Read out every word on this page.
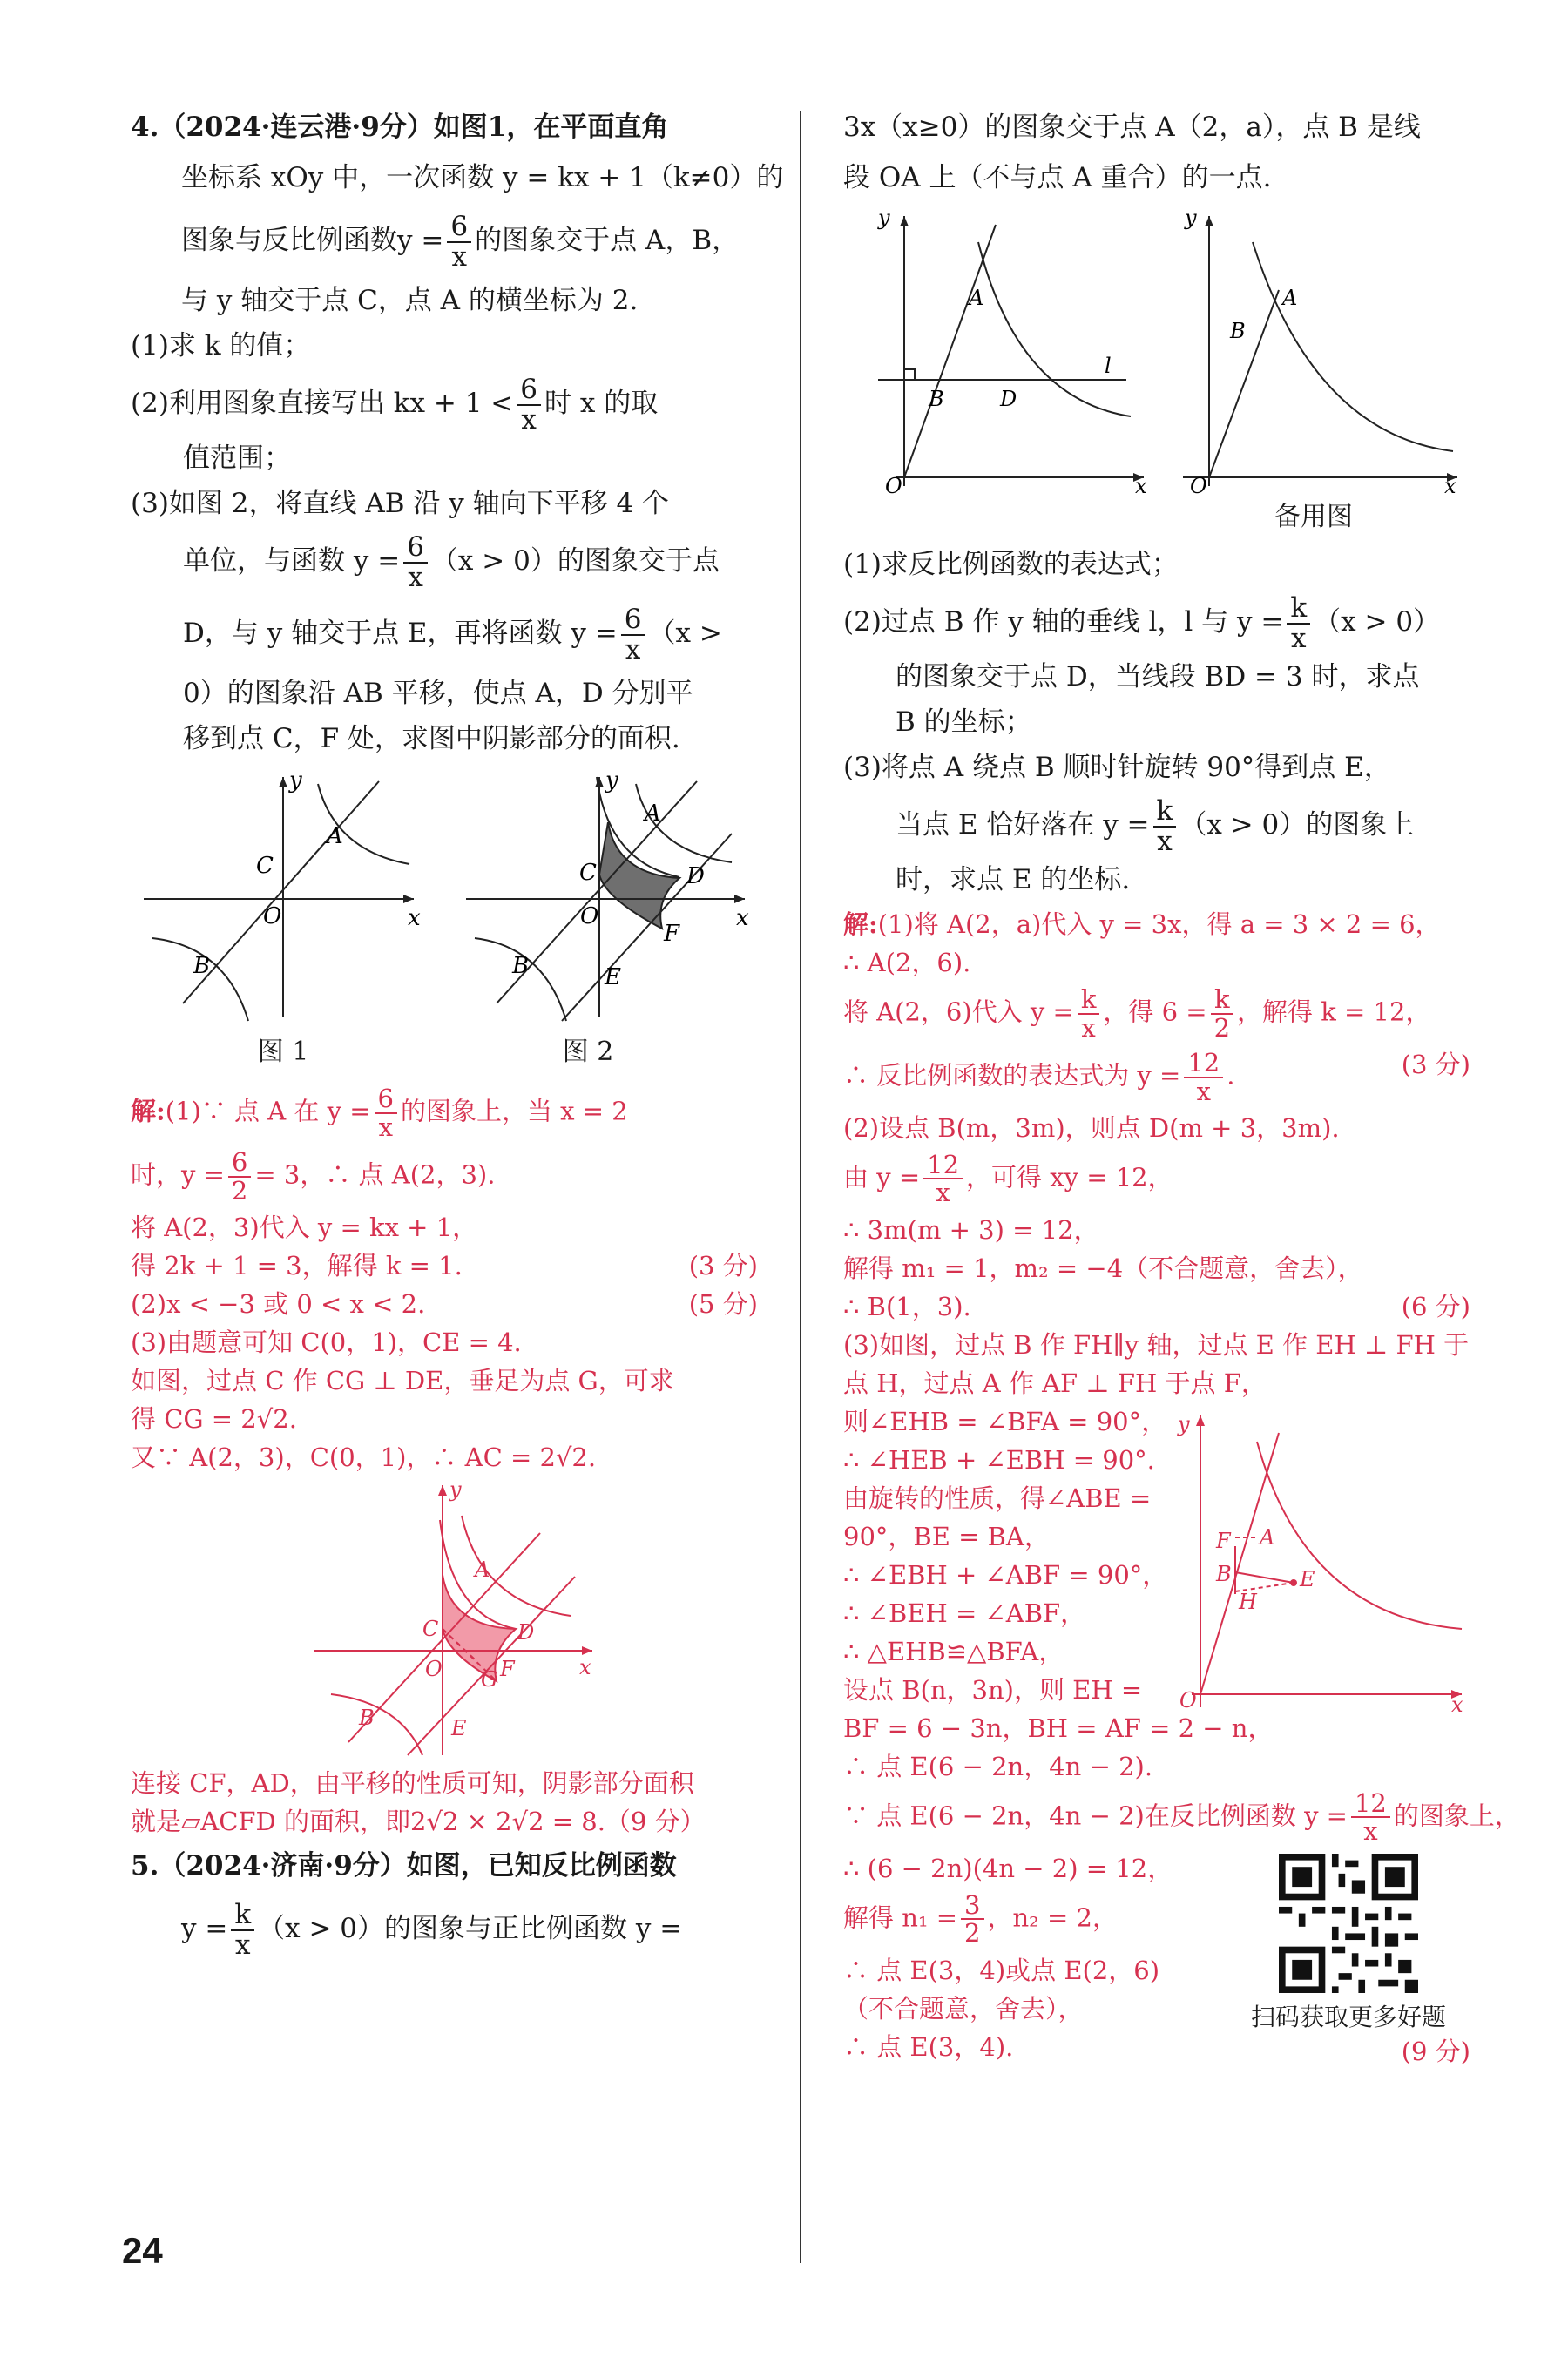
4.（2024·连云港·9分）如图1，在平面直角
坐标系 xOy 中，一次函数 y = kx + 1（k≠0）的
图象与反比例函数$y = \frac{6}{x}$ 的图象交于点 A，B，
与 y 轴交于点 C，点 A 的横坐标为 2.
(1)求 k 的值；
(2)利用图象直接写出 kx + $1 < \frac{6}{x}$ 时 x 的取
值范围；
(3)如图 2，将直线 AB 沿 y 轴向下平移 4 个
单位，与函数 $y = \frac{6}{x} (x > 0)$的图象交于点
D，与 y 轴交于点 E，再将函数 $y = \frac{6}{x} (x$ >
0）的图象沿 AB 平移，使点 A，D 分别平
移到点 C，F 处，求图中阴影部分的面积.
y
x
O
A
C
B
y
x
O
A
C	D
F
B	E
图 1	图 2
解:(1)∵ 点 A 在 $y = \frac{6}{x}$ 的图象上，当 x = 2
时，$y = \frac{6}{2} = 3$，∴ 点 A(2，3).
将 A(2，3)代入 y = kx + 1，
得 2k + 1 = 3，解得 k = 1.	(3 分)
(2)x < −3 或 0 < x < 2.	(5 分)
(3)由题意可知 C(0，1)，CE = 4.
如图，过点 C 作 CG ⊥ DE，垂足为点 G，可求
得 CG = 2√2.
又∵ A(2，3)，C(0，1)，∴ AC = 2√2.
y
x
O
A
C	D
F
G
B	E
连接 CF，AD，由平移的性质可知，阴影部分面积
就是▱ACFD 的面积，即2√2 × 2√2 = 8.（9 分）
5.（2024·济南·9分）如图，已知反比例函数
$y = \frac{k}{x} (x > 0)$的图象与正比例函数 y =
3x（x≥0）的图象交于点 A（2，a），点 B 是线
段 OA 上（不与点 A 重合）的一点.
y
x
O
A
B	D
l
y
x
O
A
B
备用图
(1)求反比例函数的表达式；
(2)过点 B 作 y 轴的垂线 l，l 与 $y = \frac{k}{x} (x > 0)$
的图象交于点 D，当线段 BD = 3 时，求点
B 的坐标；
(3)将点 A 绕点 B 顺时针旋转 90°得到点 E，
当点 E 恰好落在 $y = \frac{k}{x} (x > 0)$的图象上
时，求点 E 的坐标.
解:(1)将 A(2，a)代入 y = 3x，得 a = 3 × 2 = 6，
∴ A(2，6).
将 A(2，6)代入 $y = \frac{k}{x}$ ，得 $6 = \frac{k}{2}$ ，解得 k = 12，
∴ 反比例函数的表达式为 $y = \frac{12}{x}$ .	(3 分)
(2)设点 B(m，3m)，则点 D(m + 3，3m).
由 $y = \frac{12}{x}$ ，可得 xy = 12，
∴ 3m(m + 3) = 12，
解得 m₁ = 1，m₂ = −4（不合题意，舍去），
∴ B(1，3).	(6 分)
(3)如图，过点 B 作 FH∥y 轴，过点 E 作 EH ⊥ FH 于
点 H，过点 A 作 AF ⊥ FH 于点 F，
则∠EHB = ∠BFA = 90°，
∴ ∠HEB + ∠EBH = 90°.
由旋转的性质，得∠ABE =
90°，BE = BA，
∴ ∠EBH + ∠ABF = 90°，
∴ ∠BEH = ∠ABF，
∴ △EHB≌△BFA，
设点 B(n，3n)，则 EH =
y
x
O
A
F
B
H
E
BF = 6 − 3n，BH = AF = 2 − n，
∴ 点 E(6 − 2n，4n − 2).
∵ 点 E(6 − 2n，4n − 2)在反比例函数 $y = \frac{12}{x}$ 的图象上，
∴ (6 − 2n)(4n − 2) = 12，
解得 $n_1 = \frac{3}{2}$ ，n₂ = 2，
∴ 点 E(3，4)或点 E(2，6)
（不合题意，舍去），
∴ 点 E(3，4).
扫码获取更多好题
(9 分)
24
